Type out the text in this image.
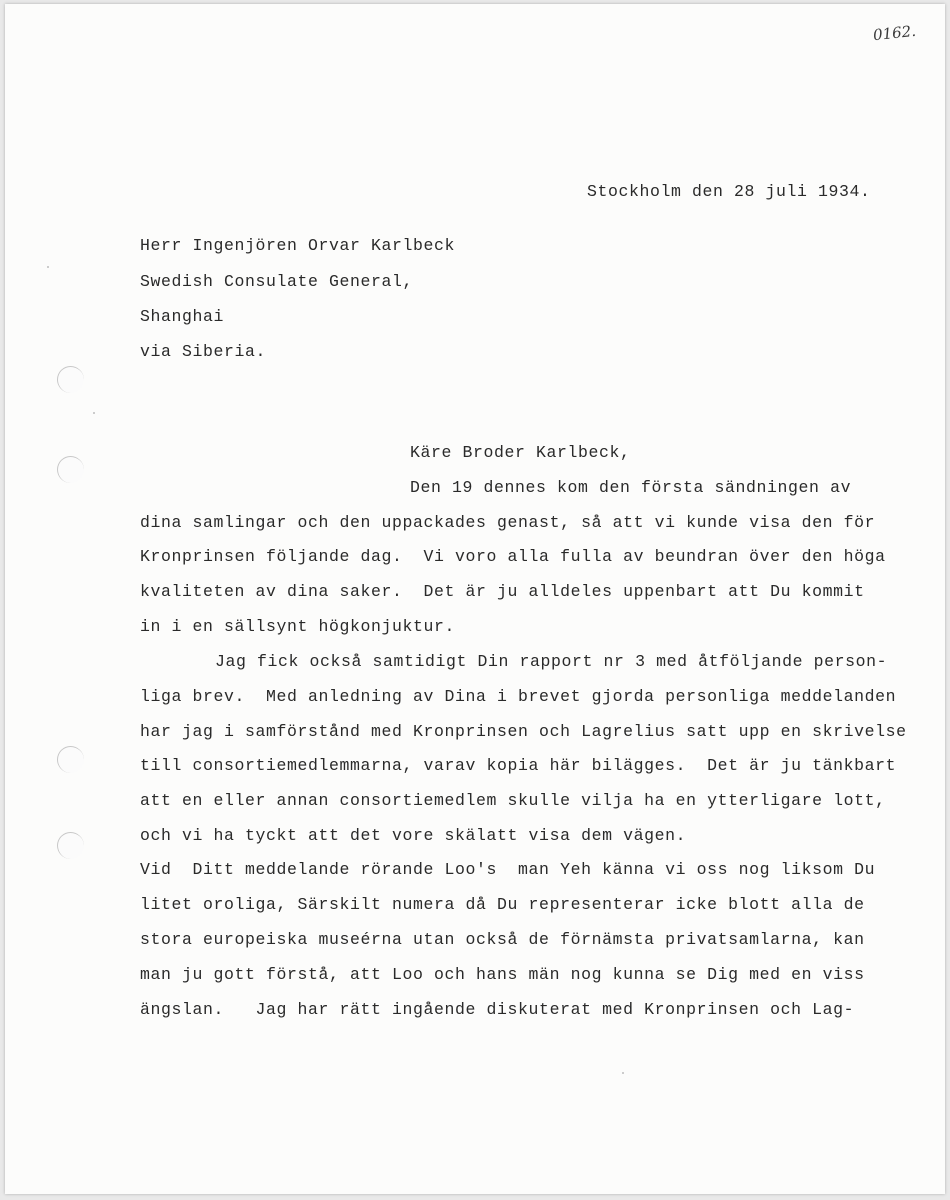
0162.
Stockholm den 28 juli 1934.
Herr Ingenjören Orvar Karlbeck
Swedish Consulate General,
Shanghai
via Siberia.
Käre Broder Karlbeck,
Den 19 dennes kom den första sändningen av
dina samlingar och den uppackades genast, så att vi kunde visa den för
Kronprinsen följande dag.  Vi voro alla fulla av beundran över den höga
kvaliteten av dina saker.  Det är ju alldeles uppenbart att Du kommit
in i en sällsynt högkonjuktur.
Jag fick också samtidigt Din rapport nr 3 med åtföljande person-
liga brev.  Med anledning av Dina i brevet gjorda personliga meddelanden
har jag i samförstånd med Kronprinsen och Lagrelius satt upp en skrivelse
till consortiemedlemmarna, varav kopia här bilägges.  Det är ju tänkbart
att en eller annan consortiemedlem skulle vilja ha en ytterligare lott,
och vi ha tyckt att det vore skälatt visa dem vägen.
Vid  Ditt meddelande rörande Loo's  man Yeh känna vi oss nog liksom Du
litet oroliga, Särskilt numera då Du representerar icke blott alla de
stora europeiska museérna utan också de förnämsta privatsamlarna, kan
man ju gott förstå, att Loo och hans män nog kunna se Dig med en viss
ängslan.   Jag har rätt ingående diskuterat med Kronprinsen och Lag-
